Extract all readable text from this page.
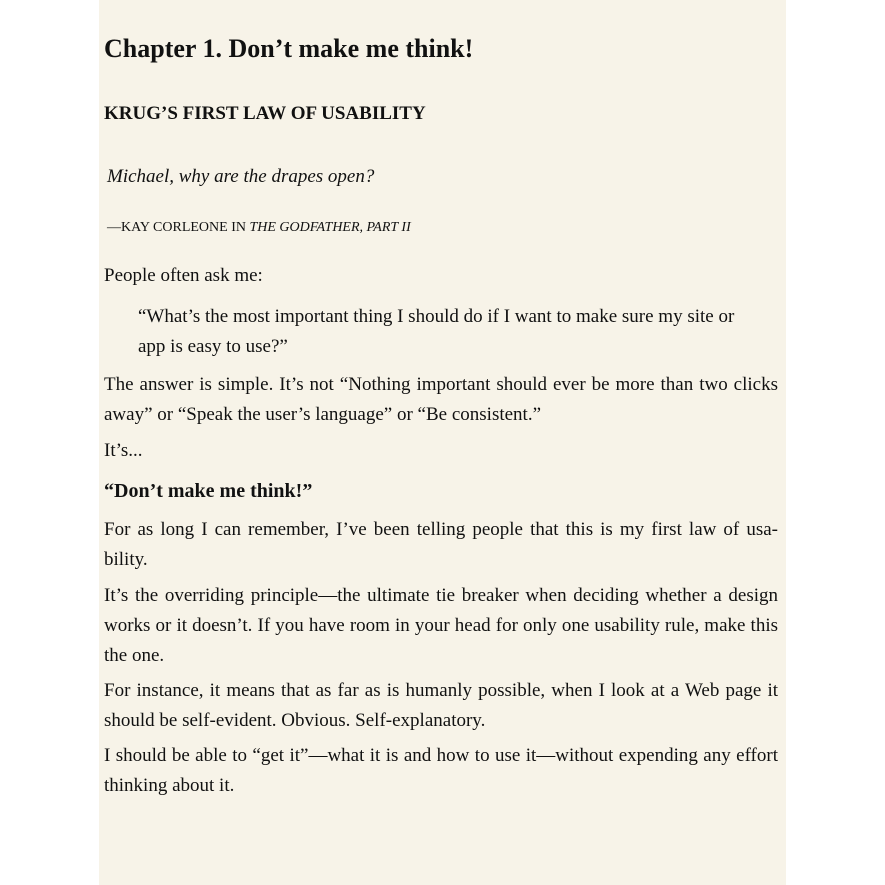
Chapter 1. Don’t make me think!
KRUG’S FIRST LAW OF USABILITY

Michael, why are the drapes open?

—KAY CORLEONE IN THE GODFATHER, PART II

People often ask me:

“What’s the most important thing I should do if I want to make sure my site or app is easy to use?”

The answer is simple. It’s not “Nothing important should ever be more than two clicks away” or “Speak the user’s language” or “Be consistent.”

It’s...

“Don’t make me think!”

For as long I can remember, I’ve been telling people that this is my first law of usa-bility.

It’s the overriding principle—the ultimate tie breaker when deciding whether a design works or it doesn’t. If you have room in your head for only one usability rule, make this the one.

For instance, it means that as far as is humanly possible, when I look at a Web page it should be self-evident. Obvious. Self-explanatory.

I should be able to “get it”—what it is and how to use it—without expending any effort thinking about it.
